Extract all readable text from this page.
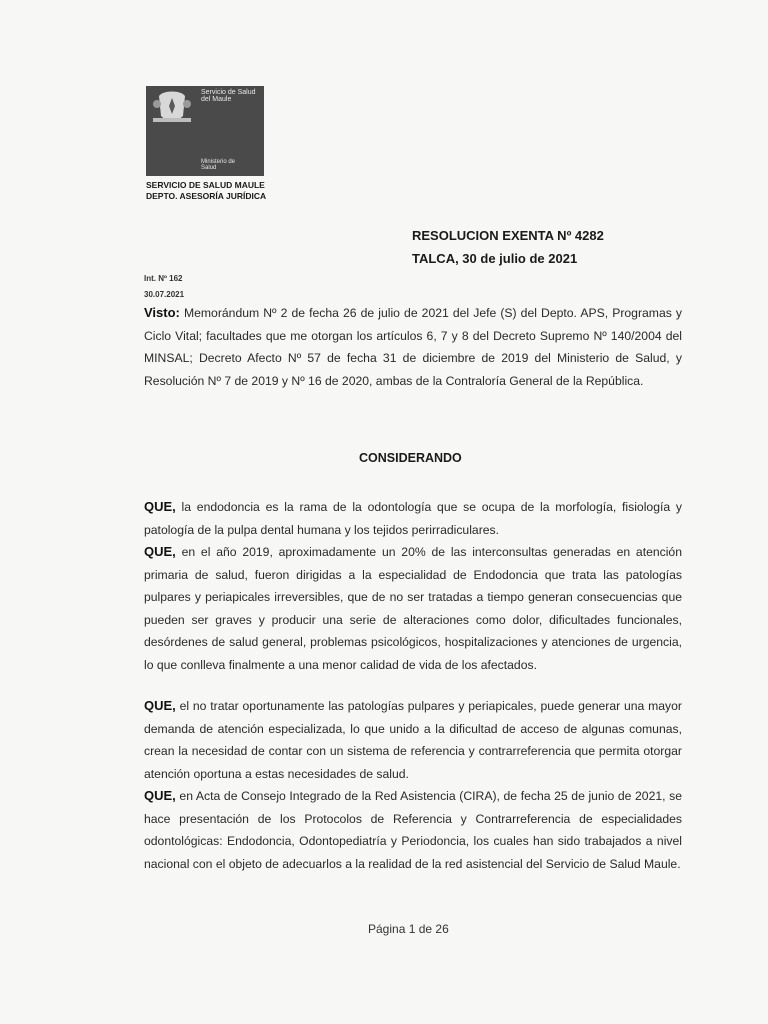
Servicio de Salud
del Maule
Ministerio de
Salud
SERVICIO DE SALUD MAULE
DEPTO. ASESORÍA JURÍDICA
RESOLUCION EXENTA Nº 4282
TALCA, 30 de julio de 2021
Int. Nº 162
30.07.2021
Visto: Memorándum Nº 2 de fecha 26 de julio de 2021 del Jefe (S) del Depto. APS, Programas y Ciclo Vital; facultades que me otorgan los artículos 6, 7 y 8 del Decreto Supremo Nº 140/2004 del MINSAL; Decreto Afecto Nº 57 de fecha 31 de diciembre de 2019 del Ministerio de Salud, y Resolución Nº 7 de 2019 y Nº 16 de 2020, ambas de la Contraloría General de la República.
CONSIDERANDO
QUE, la endodoncia es la rama de la odontología que se ocupa de la morfología, fisiología y patología de la pulpa dental humana y los tejidos perirradiculares.
QUE, en el año 2019, aproximadamente un 20% de las interconsultas generadas en atención primaria de salud, fueron dirigidas a la especialidad de Endodoncia que trata las patologías pulpares y periapicales irreversibles, que de no ser tratadas a tiempo generan consecuencias que pueden ser graves y producir una serie de alteraciones como dolor, dificultades funcionales, desórdenes de salud general, problemas psicológicos, hospitalizaciones y atenciones de urgencia, lo que conlleva finalmente a una menor calidad de vida de los afectados.
QUE, el no tratar oportunamente las patologías pulpares y periapicales, puede generar una mayor demanda de atención especializada, lo que unido a la dificultad de acceso de algunas comunas, crean la necesidad de contar con un sistema de referencia y contrarreferencia que permita otorgar atención oportuna a estas necesidades de salud.
QUE, en Acta de Consejo Integrado de la Red Asistencia (CIRA), de fecha 25 de junio de 2021, se hace presentación de los Protocolos de Referencia y Contrarreferencia de especialidades odontológicas: Endodoncia, Odontopediatría y Periodoncia, los cuales han sido trabajados a nivel nacional con el objeto de adecuarlos a la realidad de la red asistencial del Servicio de Salud Maule.
Página 1 de 26
